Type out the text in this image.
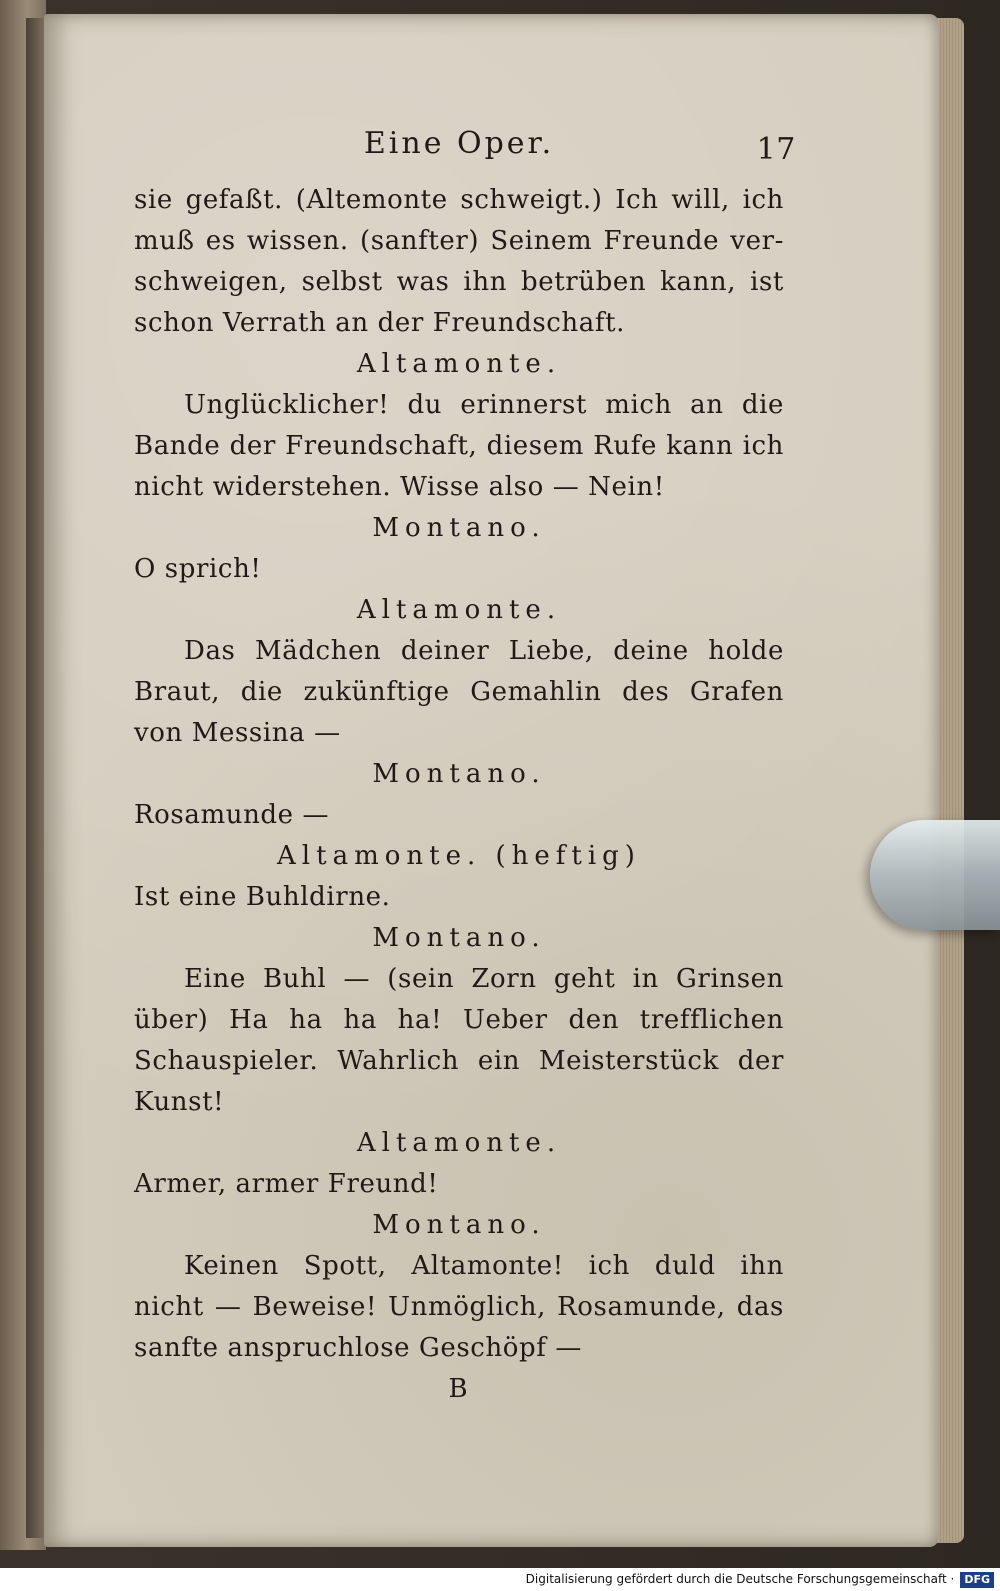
Eine Oper.	17
sie gefaßt. (Altemonte schweigt.) Ich will, ich
muß es wissen. (sanfter) Seinem Freunde ver-
schweigen, selbst was ihn betrüben kann, ist
schon Verrath an der Freundschaft.
Altamonte.
Unglücklicher! du erinnerst mich an die
Bande der Freundschaft, diesem Rufe kann ich
nicht widerstehen. Wisse also — Nein!
Montano.
O sprich!
Altamonte.
Das Mädchen deiner Liebe, deine holde
Braut, die zukünftige Gemahlin des Grafen
von Messina —
Montano.
Rosamunde —
Altamonte. (heftig)
Ist eine Buhldirne.
Montano.
Eine Buhl — (sein Zorn geht in Grinsen
über) Ha ha ha ha! Ueber den trefflichen
Schauspieler. Wahrlich ein Meisterstück der
Kunst!
Altamonte.
Armer, armer Freund!
Montano.
Keinen Spott, Altamonte! ich duld ihn
nicht — Beweise! Unmöglich, Rosamunde, das
sanfte anspruchlose Geschöpf —
B
Digitalisierung gefördert durch die Deutsche Forschungsgemeinschaft · DFG
